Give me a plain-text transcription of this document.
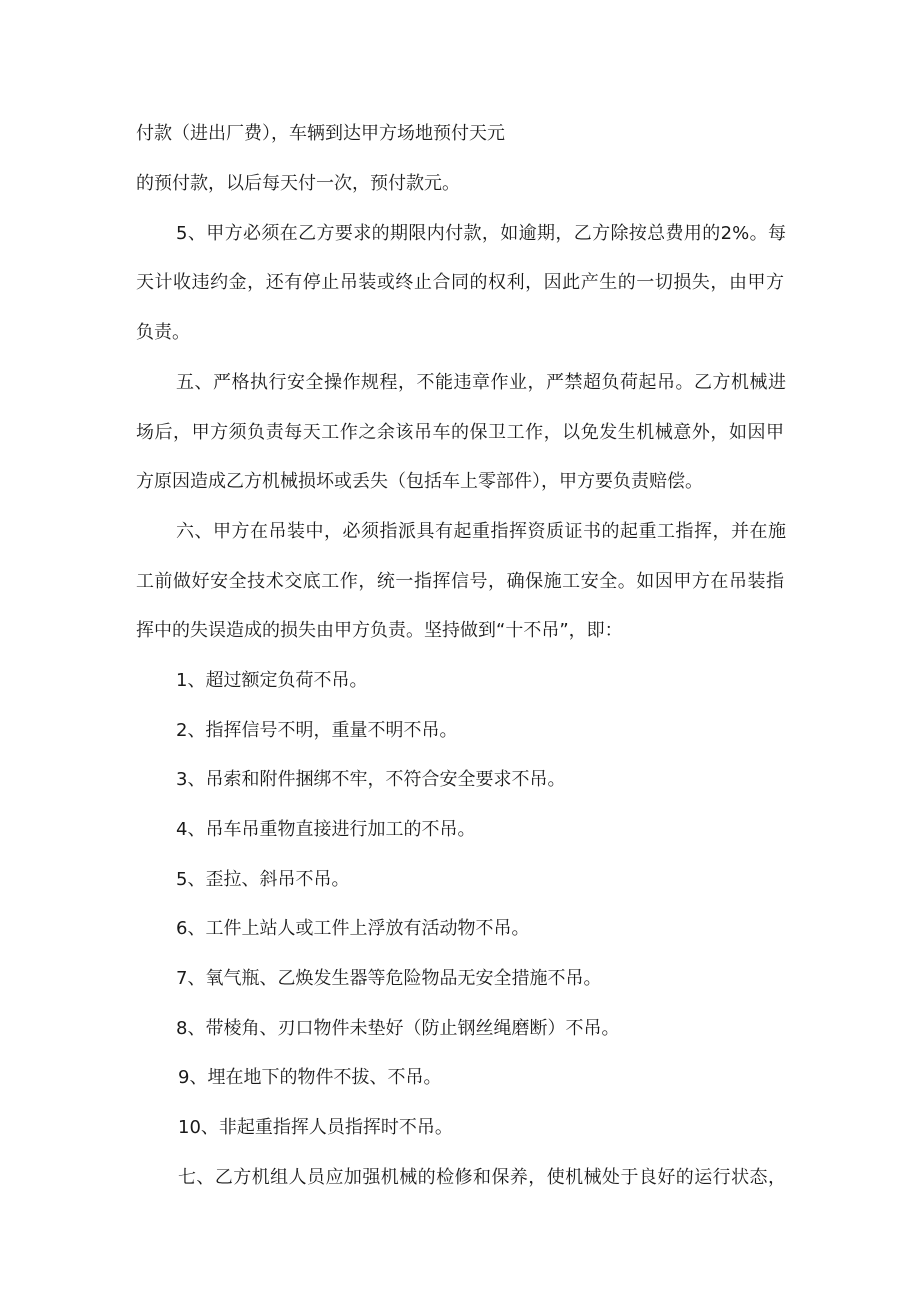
付款（进出厂费），车辆到达甲方场地预付天元
的预付款，以后每天付一次，预付款元。
5、甲方必须在乙方要求的期限内付款，如逾期，乙方除按总费用的2%。每
天计收违约金，还有停止吊装或终止合同的权利，因此产生的一切损失，由甲方
负责。
五、严格执行安全操作规程，不能违章作业，严禁超负荷起吊。乙方机械进
场后，甲方须负责每天工作之余该吊车的保卫工作，以免发生机械意外，如因甲
方原因造成乙方机械损坏或丢失（包括车上零部件），甲方要负责赔偿。
六、甲方在吊装中，必须指派具有起重指挥资质证书的起重工指挥，并在施
工前做好安全技术交底工作，统一指挥信号，确保施工安全。如因甲方在吊装指
挥中的失误造成的损失由甲方负责。坚持做到“十不吊”，即：
1、超过额定负荷不吊。
2、指挥信号不明，重量不明不吊。
3、吊索和附件捆绑不牢，不符合安全要求不吊。
4、吊车吊重物直接进行加工的不吊。
5、歪拉、斜吊不吊。
6、工件上站人或工件上浮放有活动物不吊。
7、氧气瓶、乙焕发生器等危险物品无安全措施不吊。
8、带棱角、刃口物件未垫好（防止钢丝绳磨断）不吊。
9、埋在地下的物件不拔、不吊。
10、非起重指挥人员指挥时不吊。
七、乙方机组人员应加强机械的检修和保养，使机械处于良好的运行状态，
